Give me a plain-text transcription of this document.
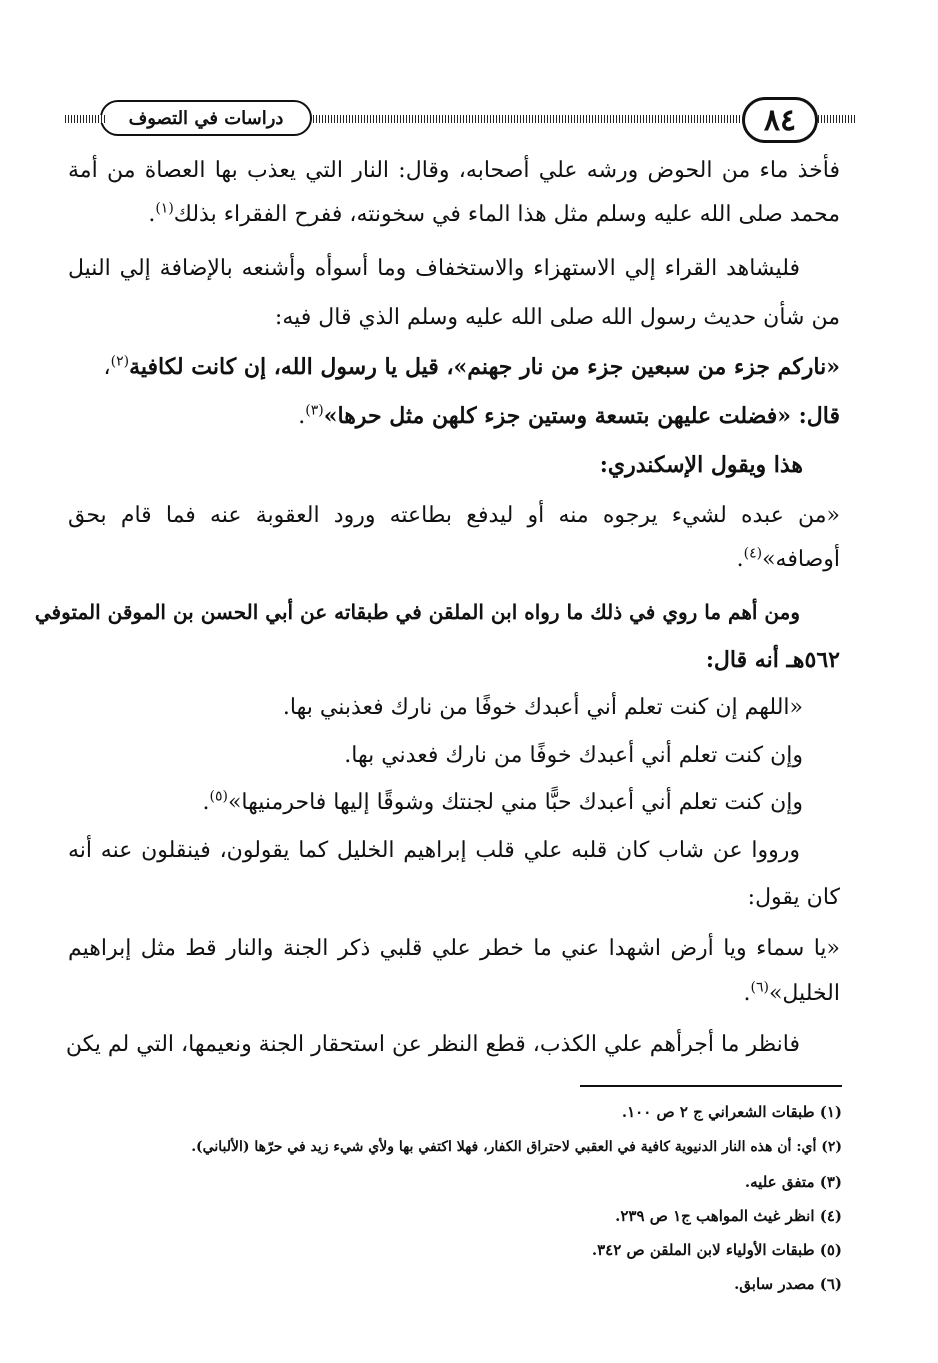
٨٤
دراسات في التصوف
فأخذ ماء من الحوض ورشه علي أصحابه، وقال: النار التي يعذب بها العصاة من أمة
محمد صلى الله عليه وسلم مثل هذا الماء في سخونته، ففرح الفقراء بذلك$^{(١)}$.
فليشاهد القراء إلي الاستهزاء والاستخفاف وما أسوأه وأشنعه بالإضافة إلي النيل
من شأن حديث رسول الله صلى الله عليه وسلم الذي قال فيه:
«ناركم جزء من سبعين جزء من نار جهنم»، قيل يا رسول الله، إن كانت لكافية$^{(٢)}$،
قال: «فضلت عليهن بتسعة وستين جزء كلهن مثل حرها»$^{(٣)}$.
هذا ويقول الإسكندري:
«من عبده لشيء يرجوه منه أو ليدفع بطاعته ورود العقوبة عنه فما قام بحق
أوصافه»$^{(٤)}$.
ومن أهم ما روي في ذلك ما رواه ابن الملقن في طبقاته عن أبي الحسن بن الموقن المتوفي
٥٦٢هـ أنه قال:
«اللهم إن كنت تعلم أني أعبدك خوفًا من نارك فعذبني بها.
وإن كنت تعلم أني أعبدك خوفًا من نارك فعدني بها.
وإن كنت تعلم أني أعبدك حبًّا مني لجنتك وشوقًا إليها فاحرمنيها»$^{(٥)}$.
ورووا عن شاب كان قلبه علي قلب إبراهيم الخليل كما يقولون، فينقلون عنه أنه
كان يقول:
«يا سماء ويا أرض اشهدا عني ما خطر علي قلبي ذكر الجنة والنار قط مثل إبراهيم
الخليل»$^{(٦)}$.
فانظر ما أجرأهم علي الكذب، قطع النظر عن استحقار الجنة ونعيمها، التي لم يكن
(١) طبقات الشعراني ج ٢ ص ١٠٠.
(٢) أي: أن هذه النار الدنيوية كافية في العقبي لاحتراق الكفار، فهلا اكتفي بها ولأي شيء زيد في حرّها (الألباني).
(٣) متفق عليه.
(٤) انظر غيث المواهب ج١ ص ٢٣٩.
(٥) طبقات الأولياء لابن الملقن ص ٣٤٢.
(٦) مصدر سابق.
